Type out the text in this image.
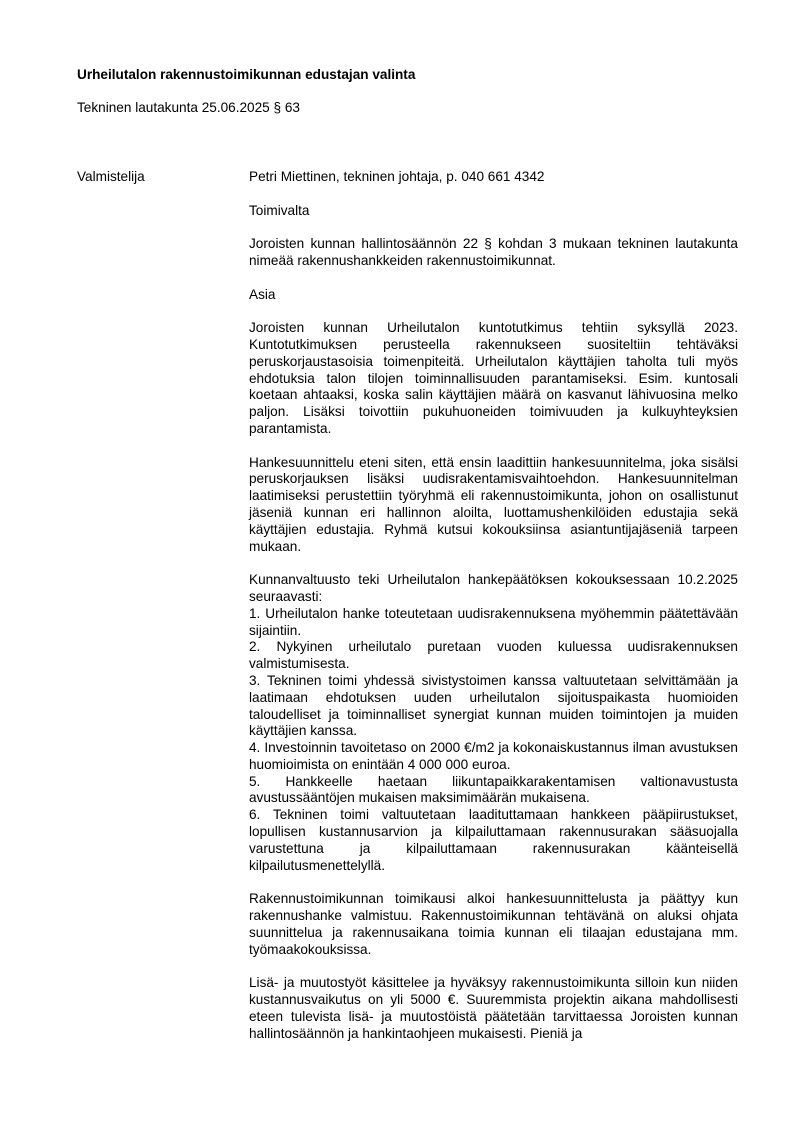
Urheilutalon rakennustoimikunnan edustajan valinta

Tekninen lautakunta 25.06.2025 § 63

Valmistelija	Petri Miettinen, tekninen johtaja, p. 040 661 4342

Toimivalta

Joroisten kunnan hallintosäännön 22 § kohdan 3 mukaan tekninen lautakunta nimeää rakennushankkeiden rakennustoimikunnat.

Asia

Joroisten kunnan Urheilutalon kuntotutkimus tehtiin syksyllä 2023. Kuntotutkimuksen perusteella rakennukseen suositeltiin tehtäväksi peruskorjaustasoisia toimenpiteitä. Urheilutalon käyttäjien taholta tuli myös ehdotuksia talon tilojen toiminnallisuuden parantamiseksi. Esim. kuntosali koetaan ahtaaksi, koska salin käyttäjien määrä on kasvanut lähivuosina melko paljon. Lisäksi toivottiin pukuhuoneiden toimivuuden ja kulkuyhteyksien parantamista.

Hankesuunnittelu eteni siten, että ensin laadittiin hankesuunnitelma, joka sisälsi peruskorjauksen lisäksi uudisrakentamisvaihtoehdon. Hankesuunnitelman laatimiseksi perustettiin työryhmä eli rakennustoimikunta, johon on osallistunut jäseniä kunnan eri hallinnon aloilta, luottamushenkilöiden edustajia sekä käyttäjien edustajia. Ryhmä kutsui kokouksiinsa asiantuntijajäseniä tarpeen mukaan.

Kunnanvaltuusto teki Urheilutalon hankepäätöksen kokouksessaan 10.2.2025 seuraavasti:

1. Urheilutalon hanke toteutetaan uudisrakennuksena myöhemmin päätettävään sijaintiin.

2. Nykyinen urheilutalo puretaan vuoden kuluessa uudisrakennuksen valmistumisesta.

3. Tekninen toimi yhdessä sivistystoimen kanssa valtuutetaan selvittämään ja laatimaan ehdotuksen uuden urheilutalon sijoituspaikasta huomioiden taloudelliset ja toiminnalliset synergiat kunnan muiden toimintojen ja muiden käyttäjien kanssa.

4. Investoinnin tavoitetaso on 2000 €/m2 ja kokonaiskustannus ilman avustuksen huomioimista on enintään 4 000 000 euroa.

5. Hankkeelle haetaan liikuntapaikkarakentamisen valtionavustusta avustussääntöjen mukaisen maksimimäärän mukaisena.

6. Tekninen toimi valtuutetaan laadituttamaan hankkeen pääpiirustukset, lopullisen kustannusarvion ja kilpailuttamaan rakennusurakan sääsuojalla varustettuna ja kilpailuttamaan rakennusurakan käänteisellä kilpailutusmenettelyllä.

Rakennustoimikunnan toimikausi alkoi hankesuunnittelusta ja päättyy kun rakennushanke valmistuu. Rakennustoimikunnan tehtävänä on aluksi ohjata suunnittelua ja rakennusaikana toimia kunnan eli tilaajan edustajana mm. työmaakokouksissa.

Lisä- ja muutostyöt käsittelee ja hyväksyy rakennustoimikunta silloin kun niiden kustannusvaikutus on yli 5000 €. Suuremmista projektin aikana mahdollisesti eteen tulevista lisä- ja muutostöistä päätetään tarvittaessa Joroisten kunnan hallintosäännön ja hankintaohjeen mukaisesti. Pieniä ja
